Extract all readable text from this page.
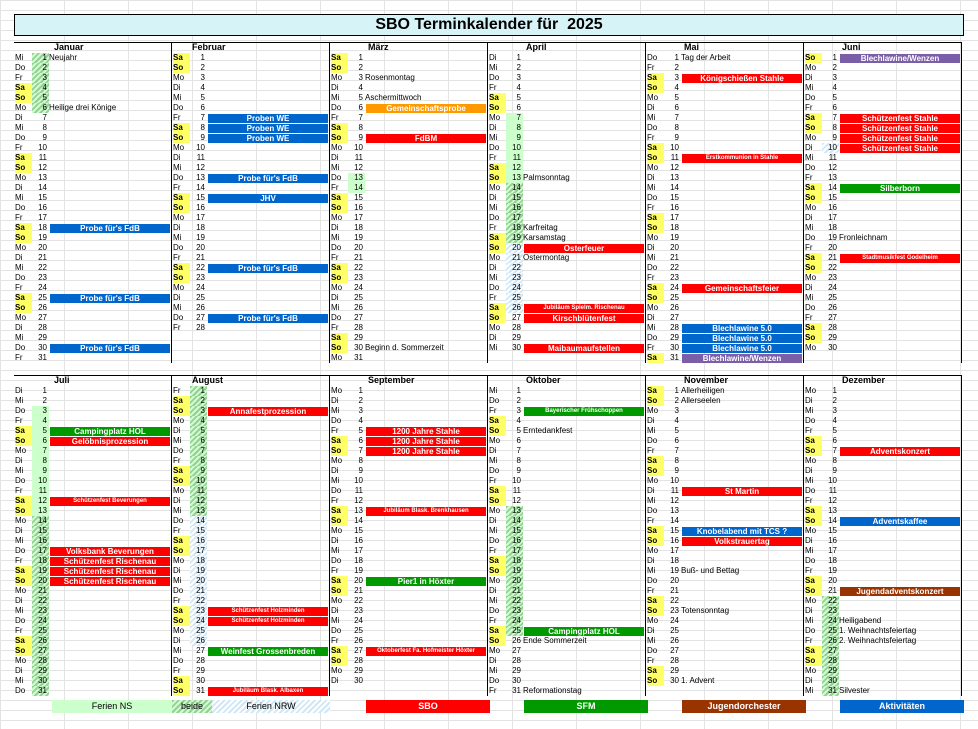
SBO Terminkalender für  2025
Januar
Mi	1 Neujahr
Do	2
Fr	3
Sa	4
So	5
Mo	6 Heilige drei Könige
Di	7
Mi	8
Do	9
Fr	10
Sa	11
So	12
Mo	13
Di	14
Mi	15
Do	16
Fr	17
Sa	18	Probe für's FdB
So	19
Mo	20
Di	21
Mi	22
Do	23
Fr	24
Sa	25	Probe für's FdB
So	26
Mo	27
Di	28
Mi	29
Do	30	Probe für's FdB
Fr	31
Februar
Sa	1
So	2
Mo	3
Di	4
Mi	5
Do	6
Fr	7	Proben WE
Sa	8	Proben WE
So	9	Proben WE
Mo	10
Di	11
Mi	12
Do	13	Probe für's FdB
Fr	14
Sa	15	JHV
So	16
Mo	17
Di	18
Mi	19
Do	20
Fr	21
Sa	22	Probe für's FdB
So	23
Mo	24
Di	25
Mi	26
Do	27	Probe für's FdB
Fr	28
März
Sa	1
So	2
Mo	3 Rosenmontag
Di	4
Mi	5 Aschermittwoch
Do	6	Gemeinschaftsprobe
Fr	7
Sa	8
So	9	FdBM
Mo	10
Di	11
Mi	12
Do	13
Fr	14
Sa	15
So	16
Mo	17
Di	18
Mi	19
Do	20
Fr	21
Sa	22
So	23
Mo	24
Di	25
Mi	26
Do	27
Fr	28
Sa	29
So	30 Beginn d. Sommerzeit
Mo	31
April
Di	1
Mi	2
Do	3
Fr	4
Sa	5
So	6
Mo	7
Di	8
Mi	9
Do	10
Fr	11
Sa	12
So	13 Palmsonntag
Mo	14
Di	15
Mi	16
Do	17
Fr	18 Karfreitag
Sa	19 Karsamstag
So	20	Osterfeuer
Mo	21 Ostermontag
Di	22
Mi	23
Do	24
Fr	25
Sa	26	Jubiläum Spielm. Rischenau
So	27	Kirschblütenfest
Mo	28
Di	29
Mi	30	Maibaumaufstellen
Mai
Do	1 Tag der Arbeit
Fr	2
Sa	3	Königschießen Stahle
So	4
Mo	5
Di	6
Mi	7
Do	8
Fr	9
Sa	10
So	11	Erstkommunion in Stahle
Mo	12
Di	13
Mi	14
Do	15
Fr	16
Sa	17
So	18
Mo	19
Di	20
Mi	21
Do	22
Fr	23
Sa	24	Gemeinschaftsfeier
So	25
Mo	26
Di	27
Mi	28	Blechlawine 5.0
Do	29	Blechlawine 5.0
Fr	30	Blechlawine 5.0
Sa	31	Blechlawine/Wenzen
Juni
So	1	Blechlawine/Wenzen
Mo	2
Di	3
Mi	4
Do	5
Fr	6
Sa	7	Schützenfest Stahle
So	8	Schützenfest Stahle
Mo	9	Schützenfest Stahle
Di	10	Schützenfest Stahle
Mi	11
Do	12
Fr	13
Sa	14	Silberborn
So	15
Mo	16
Di	17
Mi	18
Do	19 Fronleichnam
Fr	20
Sa	21	Stadtmusikfest Godelheim
So	22
Mo	23
Di	24
Mi	25
Do	26
Fr	27
Sa	28
So	29
Mo	30
Juli
Di	1
Mi	2
Do	3
Fr	4
Sa	5	Campingplatz HOL
So	6	Gelöbnisprozession
Mo	7
Di	8
Mi	9
Do	10
Fr	11
Sa	12	Schützenfest Beverungen
So	13
Mo	14
Di	15
Mi	16
Do	17	Volksbank Beverungen
Fr	18	Schützenfest Rischenau
Sa	19	Schützenfest Rischenau
So	20	Schützenfest Rischenau
Mo	21
Di	22
Mi	23
Do	24
Fr	25
Sa	26
So	27
Mo	28
Di	29
Mi	30
Do	31
August
Fr	1
Sa	2
So	3	Annafestprozession
Mo	4
Di	5
Mi	6
Do	7
Fr	8
Sa	9
So	10
Mo	11
Di	12
Mi	13
Do	14
Fr	15
Sa	16
So	17
Mo	18
Di	19
Mi	20
Do	21
Fr	22
Sa	23	Schützenfest Holzminden
So	24	Schützenfest Holzminden
Mo	25
Di	26
Mi	27	Weinfest Grossenbreden
Do	28
Fr	29
Sa	30
So	31	Jubiläum Blask. Albaxen
September
Mo	1
Di	2
Mi	3
Do	4
Fr	5	1200 Jahre Stahle
Sa	6	1200 Jahre Stahle
So	7	1200 Jahre Stahle
Mo	8
Di	9
Mi	10
Do	11
Fr	12
Sa	13	Jubiläum Blask. Brenkhausen
So	14
Mo	15
Di	16
Mi	17
Do	18
Fr	19
Sa	20	Pier1 in Höxter
So	21
Mo	22
Di	23
Mi	24
Do	25
Fr	26
Sa	27	Oktoberfest Fa. Hofmeister Höxter
So	28
Mo	29
Di	30
Oktober
Mi	1
Do	2
Fr	3	Bayerischer Frühschoppen
Sa	4
So	5 Erntedankfest
Mo	6
Di	7
Mi	8
Do	9
Fr	10
Sa	11
So	12
Mo	13
Di	14
Mi	15
Do	16
Fr	17
Sa	18
So	19
Mo	20
Di	21
Mi	22
Do	23
Fr	24
Sa	25	Campingplatz HOL
So	26 Ende Sommerzeit
Mo	27
Di	28
Mi	29
Do	30
Fr	31 Reformationstag
November
Sa	1 Allerheiligen
So	2 Allerseelen
Mo	3
Di	4
Mi	5
Do	6
Fr	7
Sa	8
So	9
Mo	10
Di	11	St Martin
Mi	12
Do	13
Fr	14
Sa	15	Knobelabend mit TCS ?
So	16	Volkstrauertag
Mo	17
Di	18
Mi	19 Buß- und Bettag
Do	20
Fr	21
Sa	22
So	23 Totensonntag
Mo	24
Di	25
Mi	26
Do	27
Fr	28
Sa	29
So	30 1. Advent
Dezember
Mo	1
Di	2
Mi	3
Do	4
Fr	5
Sa	6
So	7	Adventskonzert
Mo	8
Di	9
Mi	10
Do	11
Fr	12
Sa	13
So	14	Adventskaffee
Mo	15
Di	16
Mi	17
Do	18
Fr	19
Sa	20
So	21	Jugendadventskonzert
Mo	22
Di	23
Mi	24 Heiligabend
Do	25 1. Weihnachtsfeiertag
Fr	26 2. Weihnachtsfeiertag
Sa	27
So	28
Mo	29
Di	30
Mi	31 Silvester
Ferien NS	beide	Ferien NRW	SBO	SFM	Jugendorchester	Aktivitäten
